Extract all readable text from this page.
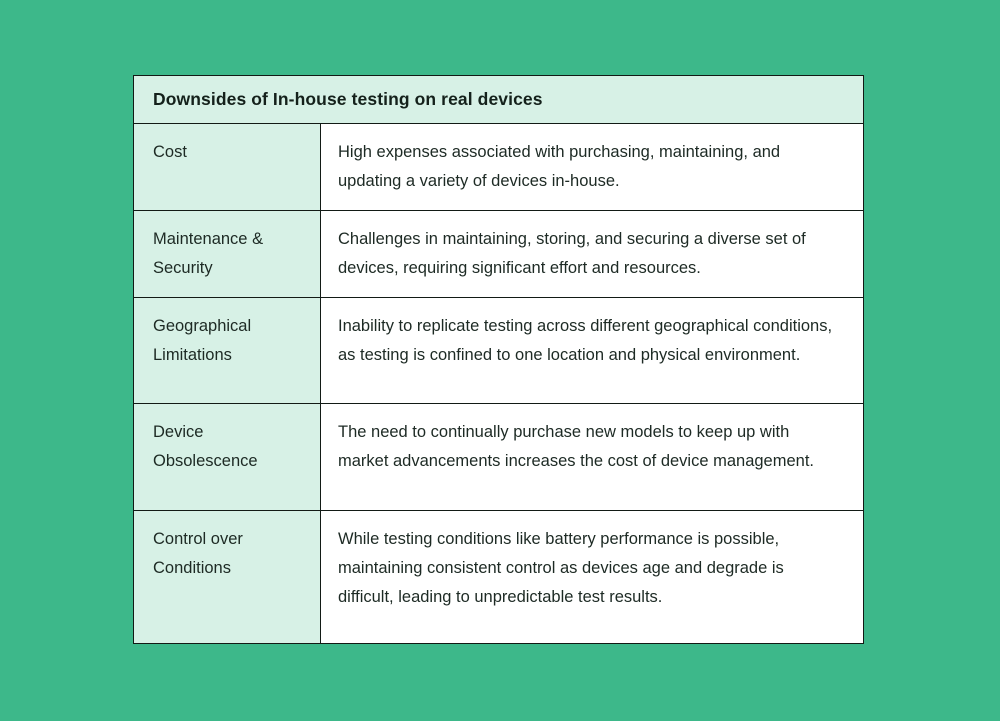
Downsides of In-house testing on real devices
Cost	High expenses associated with purchasing, maintaining, and updating a variety of devices in-house.
Maintenance & Security
Challenges in maintaining, storing, and securing a diverse set of devices, requiring significant effort and resources.
Geographical Limitations
Inability to replicate testing across different geographical conditions, as testing is confined to one location and physical environment.
Device Obsolescence
The need to continually purchase new models to keep up with market advancements increases the cost of device management.
Control over Conditions
While testing conditions like battery performance is possible, maintaining consistent control as devices age and degrade is difficult, leading to unpredictable test results.
